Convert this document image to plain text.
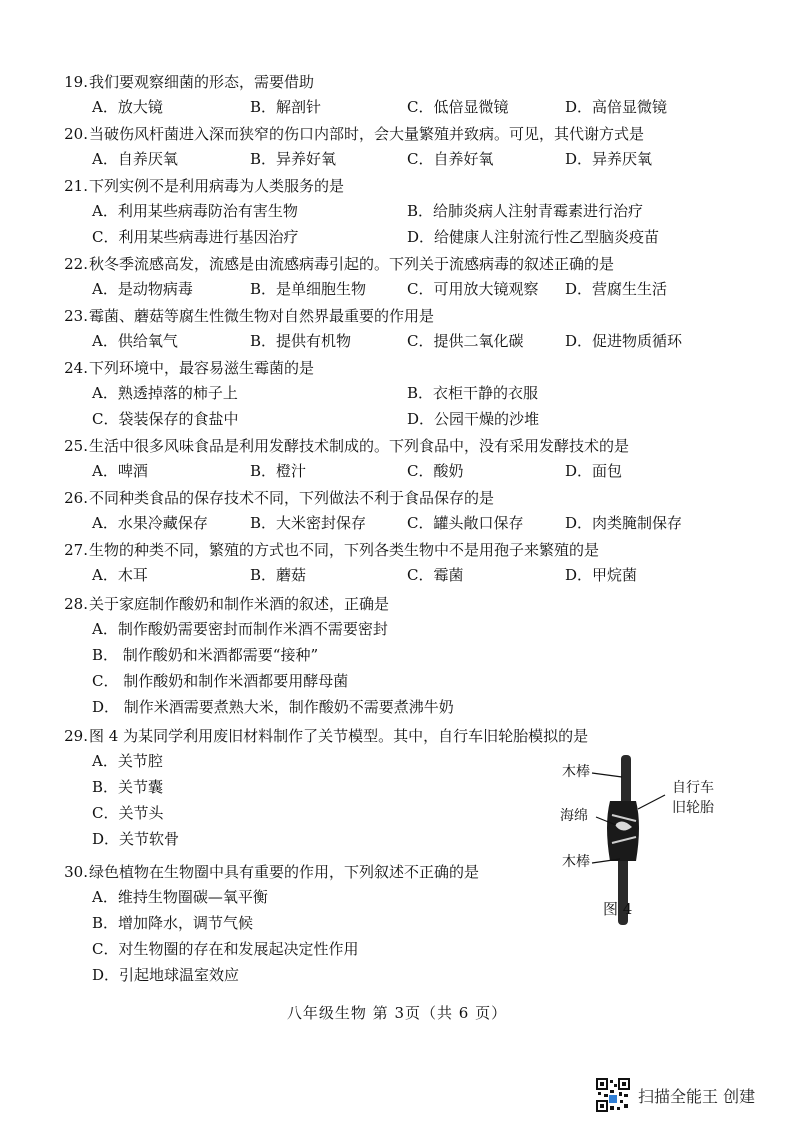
19.我们要观察细菌的形态，需要借助
A．放大镜	B．解剖针	C．低倍显微镜	D．高倍显微镜
20.当破伤风杆菌进入深而狭窄的伤口内部时，会大量繁殖并致病。可见，其代谢方式是
A．自养厌氧	B．异养好氧	C．自养好氧	D．异养厌氧
21.下列实例不是利用病毒为人类服务的是
A．利用某些病毒防治有害生物	B．给肺炎病人注射青霉素进行治疗
C．利用某些病毒进行基因治疗	D．给健康人注射流行性乙型脑炎疫苗
22.秋冬季流感高发，流感是由流感病毒引起的。下列关于流感病毒的叙述正确的是
A．是动物病毒	B．是单细胞生物	C．可用放大镜观察 D．营腐生生活
23.霉菌、蘑菇等腐生性微生物对自然界最重要的作用是
A．供给氧气	B．提供有机物	C．提供二氧化碳	D．促进物质循环
24.下列环境中，最容易滋生霉菌的是
A．熟透掉落的柿子上	B．衣柜干静的衣服
C．袋装保存的食盐中	D．公园干燥的沙堆
25.生活中很多风味食品是利用发酵技术制成的。下列食品中，没有采用发酵技术的是
A．啤酒	B．橙汁	C．酸奶	D．面包
26.不同种类食品的保存技术不同，下列做法不利于食品保存的是
A．水果冷藏保存	B．大米密封保存	C．罐头敞口保存	D．肉类腌制保存
27.生物的种类不同，繁殖的方式也不同，下列各类生物中不是用孢子来繁殖的是
A．木耳	B．蘑菇	C．霉菌	D．甲烷菌
28.关于家庭制作酸奶和制作米酒的叙述，正确是
A．制作酸奶需要密封而制作米酒不需要密封
B． 制作酸奶和米酒都需要“接种”
C． 制作酸奶和制作米酒都要用酵母菌
D． 制作米酒需要煮熟大米，制作酸奶不需要煮沸牛奶
29.图 4 为某同学利用废旧材料制作了关节模型。其中，自行车旧轮胎模拟的是
A．关节腔
B．关节囊
C．关节头
D．关节软骨
30.绿色植物在生物圈中具有重要的作用，下列叙述不正确的是
A．维持生物圈碳—氧平衡
B．增加降水，调节气候
C．对生物圈的存在和发展起决定性作用
D．引起地球温室效应
木棒
自行车
旧轮胎
海绵
木棒
图 4
八年级生物 第 3页（共 6 页）
扫描全能王 创建
